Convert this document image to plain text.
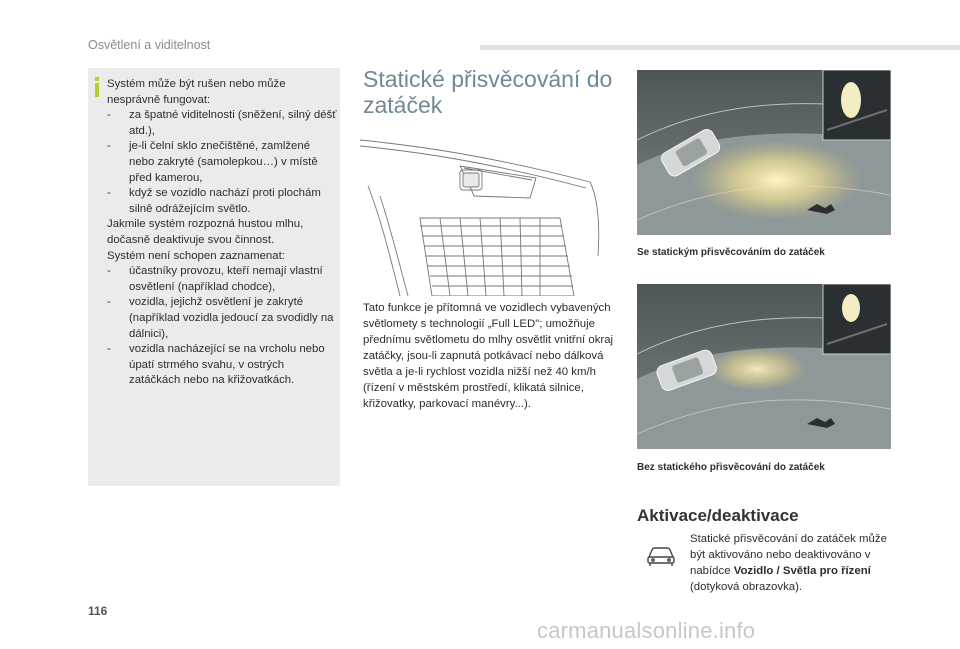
Osvětlení a viditelnost

Systém může být rušen nebo může nesprávně fungovat:

- za špatné viditelnosti (sněžení, silný déšť atd.),

- je-li čelní sklo znečištěné, zamlžené nebo zakryté (samolepkou…) v místě před kamerou,

- když se vozidlo nachází proti plochám silně odrážejícím světlo.

Jakmile systém rozpozná hustou mlhu, dočasně deaktivuje svou činnost.

Systém není schopen zaznamenat:

- účastníky provozu, kteří nemají vlastní osvětlení (například chodce),

- vozidla, jejichž osvětlení je zakryté (například vozidla jedoucí za svodidly na dálnici),

- vozidla nacházející se na vrcholu nebo úpatí strmého svahu, v ostrých zatáčkách nebo na křižovatkách.

Statické přisvěcování do zatáček

Tato funkce je přítomná ve vozidlech vybavených světlomety s technologií „Full LED"; umožňuje přednímu světlometu do mlhy osvětlit vnitřní okraj zatáčky, jsou-li zapnutá potkávací nebo dálková světla a je-li rychlost vozidla nižší než 40 km/h (řízení v městském prostředí, klikatá silnice, křižovatky, parkovací manévry...).

Se statickým přisvěcováním do zatáček
Bez statického přisvěcování do zatáček
Aktivace/deaktivace

Statické přisvěcování do zatáček může být aktivováno nebo deaktivováno v nabídce Vozidlo / Světla pro řízení (dotyková obrazovka).

116
carmanualsonline.info
